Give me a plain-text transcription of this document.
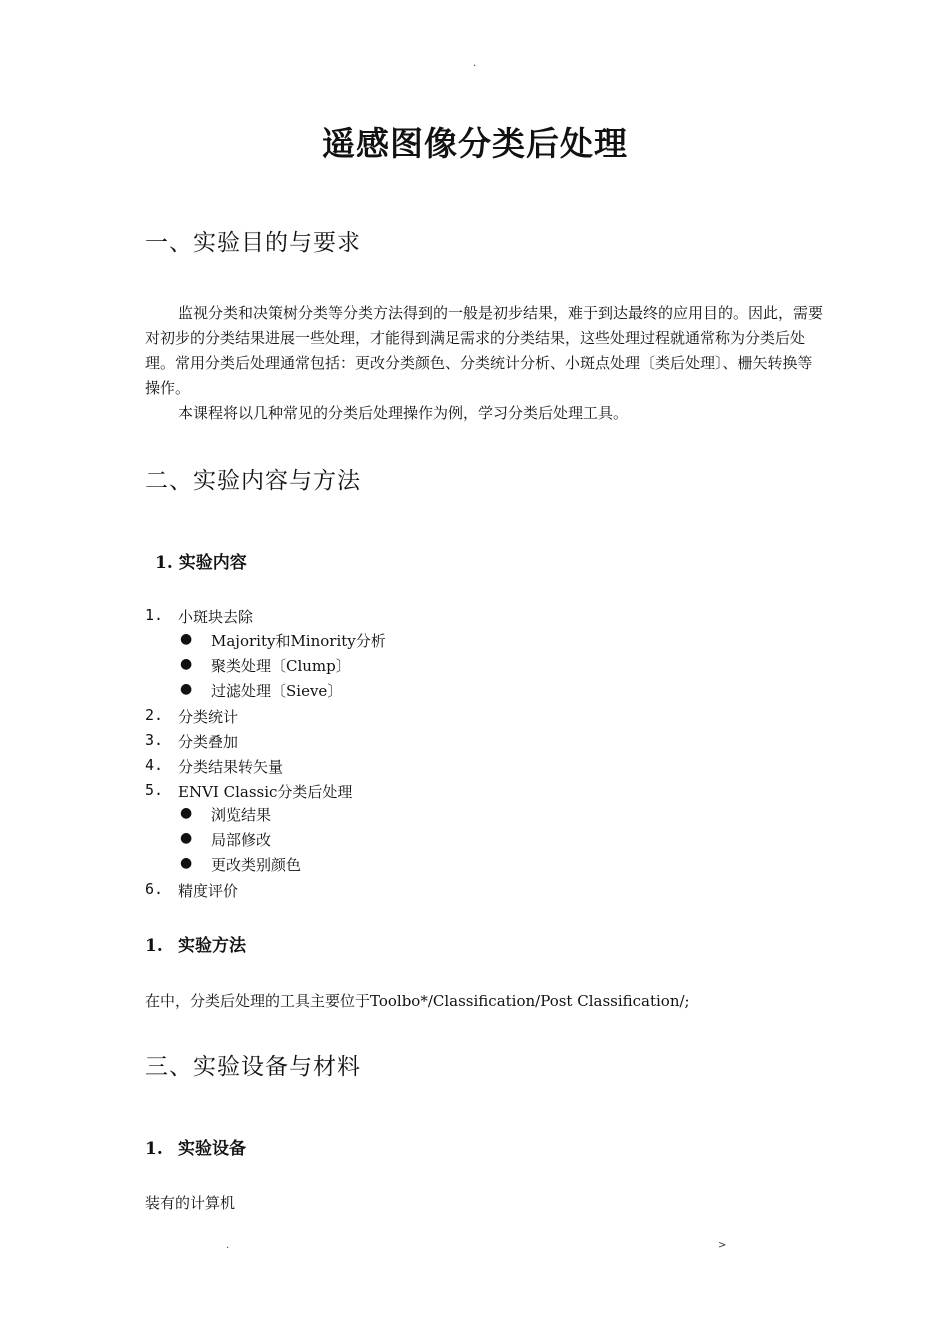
.
遥感图像分类后处理
一、实验目的与要求

监视分类和决策树分类等分类方法得到的一般是初步结果，难于到达最终的应用目的。因此，需要对初步的分类结果进展一些处理，才能得到满足需求的分类结果，这些处理过程就通常称为分类后处理。常用分类后处理通常包括：更改分类颜色、分类统计分析、小斑点处理〔类后处理〕、栅矢转换等操作。

本课程将以几种常见的分类后处理操作为例，学习分类后处理工具。

二、实验内容与方法
1. 实验内容
1. 小斑块去除
● Majority和Minority分析
● 聚类处理〔Clump〕
● 过滤处理〔Sieve〕
2. 分类统计
3. 分类叠加
4. 分类结果转矢量
5. ENVI Classic分类后处理
● 浏览结果
● 局部修改
● 更改类别颜色
6. 精度评价
1. 实验方法
在中，分类后处理的工具主要位于Toolbo*/Classification/Post Classification/;
三、实验设备与材料
1. 实验设备
装有的计算机
.	>
